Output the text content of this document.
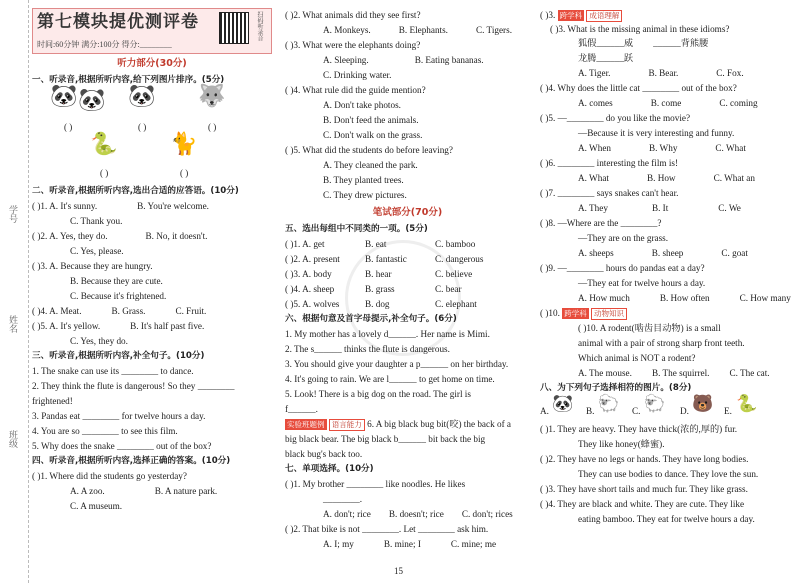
学号
姓名
班级
第七模块提优测评卷
时间:60分钟 满分:100分 得分:________
扫码听录音
听力部分(30分)
一、听录音,根据所听内容,给下列图片排序。(5分)
🐼 🐼
( )
🐼
( )
🐺
( )
🐍
( )
🐈
( )
二、听录音,根据所听内容,选出合适的应答语。(10分)
( )1. A. It's sunny.	B. You're welcome.
C. Thank you.
( )2. A. Yes, they do.	B. No, it doesn't.
C. Yes, please.
( )3. A. Because they are hungry.
B. Because they are cute.
C. Because it's frightened.
( )4. A. Meat.	B. Grass.	C. Fruit.
( )5. A. It's yellow.	B. It's half past five.
C. Yes, they do.
三、听录音,根据所听内容,补全句子。(10分)
1. The snake can use its ________ to dance.
2. They think the flute is dangerous! So they ________
frightened!
3. Pandas eat ________ for twelve hours a day.
4. You are so ________ to see this film.
5. Why does the snake ________ out of the box?
四、听录音,根据所听内容,选择正确的答案。(10分)
( )1. Where did the students go yesterday?
A. A zoo.	B. A nature park.
C. A museum.
( )2. What animals did they see first?
A. Monkeys.	B. Elephants.	C. Tigers.
( )3. What were the elephants doing?
A. Sleeping.	B. Eating bananas.
C. Drinking water.
( )4. What rule did the guide mention?
A. Don't take photos.
B. Don't feed the animals.
C. Don't walk on the grass.
( )5. What did the students do before leaving?
A. They cleaned the park.
B. They planted trees.
C. They drew pictures.
笔试部分(70分)
五、选出每组中不同类的一项。(5分)
( )1. A. get	B. eat	C. bamboo
( )2. A. present	B. fantastic	C. dangerous
( )3. A. body	B. hear	C. believe
( )4. A. sheep	B. grass	C. bear
( )5. A. wolves	B. dog	C. elephant
六、根据句意及首字母提示,补全句子。(6分)
1. My mother has a lovely d______. Her name is Mimi.
2. The s______ thinks the flute is dangerous.
3. You should give your daughter a p______ on her birthday.
4. It's going to rain. We are l______ to get home on time.
5. Look! There is a big dog on the road. The girl is
f______.
实验班题例 语言能力 6. A big black bug bit(咬) the back of a
big black bear. The big black b______ bit back the big
black bug's back too.
七、单项选择。(10分)
( )1. My brother ________ like noodles. He likes
________.
A. don't; rice B. doesn't; rice C. don't; rices
( )2. That bike is not ________. Let ________ ask him.
A. I; my	B. mine; I	C. mine; me
( )3. 跨学科 成语理解
( )3. What is the missing animal in these idioms?
狐假______威 ______背熊腰
龙腾______跃
A. Tiger.	B. Bear.	C. Fox.
( )4. Why does the little cat ________ out of the box?
A. comes	B. come	C. coming
( )5. —________ do you like the movie?
—Because it is very interesting and funny.
A. When	B. Why	C. What
( )6. ________ interesting the film is!
A. What	B. How	C. What an
( )7. ________ says snakes can't hear.
A. They	B. It	C. We
( )8. —Where are the ________?
—They are on the grass.
A. sheeps	B. sheep	C. goat
( )9. —________ hours do pandas eat a day?
—They eat for twelve hours a day.
A. How much	B. How often	C. How many
( )10. 跨学科 动物知识
( )10. A rodent(啮齿目动物) is a small
animal with a pair of strong sharp front teeth.
Which animal is NOT a rodent?
A. The mouse. B. The squirrel. C. The cat.
八、为下列句子选择相符的图片。(8分)
A. 🐼 B. 🐑 C. 🐑 D. 🐻 E. 🐍
( )1. They are heavy. They have thick(浓的,厚的) fur.
They like honey(蜂蜜).
( )2. They have no legs or hands. They have long bodies.
They can use bodies to dance. They love the sun.
( )3. They have short tails and much fur. They like grass.
( )4. They are black and white. They are cute. They like
eating bamboo. They eat for twelve hours a day.
15
